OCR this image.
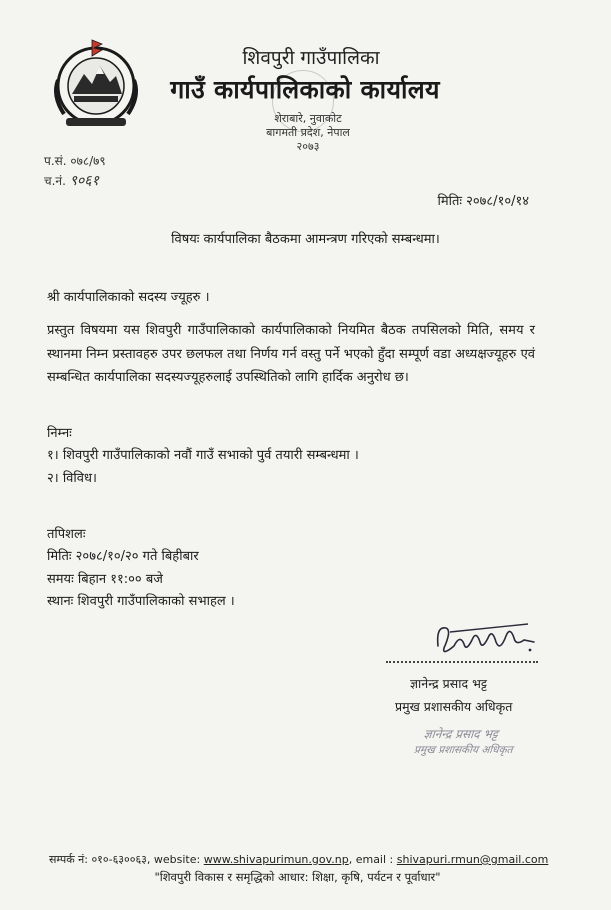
शिवपुरी गाउँपालिका
गाउँ कार्यपालिकाको कार्यालय
शेराबारे, नुवाकोट
बागमती प्रदेश, नेपाल
२०७३
प.सं. ०७८/७९
च.नं. ९०६१
मितिः २०७८/१०/१४
विषयः कार्यपालिका बैठकमा आमन्त्रण गरिएको सम्बन्धमा।
श्री कार्यपालिकाको सदस्य ज्यूहरु ।
प्रस्तुत विषयमा यस शिवपुरी गाउँपालिकाको कार्यपालिकाको नियमित बैठक तपसिलको मिति, समय र स्थानमा निम्न प्रस्तावहरु उपर छलफल तथा निर्णय गर्न वस्तु पर्ने भएको हुँदा सम्पूर्ण वडा अध्यक्षज्यूहरु एवं सम्बन्धित कार्यपालिका सदस्यज्यूहरुलाई उपस्थितिको लागि हार्दिक अनुरोध छ।
निम्नः
१। शिवपुरी गाउँपालिकाको नवौं गाउँ सभाको पुर्व तयारी सम्बन्धमा ।
२। विविध।
तपिशलः
मितिः २०७८/१०/२० गते बिहीबार
समयः बिहान ११:०० बजे
स्थानः शिवपुरी गाउँपालिकाको सभाहल ।
ज्ञानेन्द्र प्रसाद भट्ट
प्रमुख प्रशासकीय अधिकृत
ज्ञानेन्द्र प्रसाद भट्ट
प्रमुख प्रशासकीय अधिकृत
सम्पर्क नं: ०१०-६३००६३, website: www.shivapurimun.gov.np, email : shivapuri.rmun@gmail.com
"शिवपुरी विकास र समृद्धिको आधार: शिक्षा, कृषि, पर्यटन र पूर्वाधार"
